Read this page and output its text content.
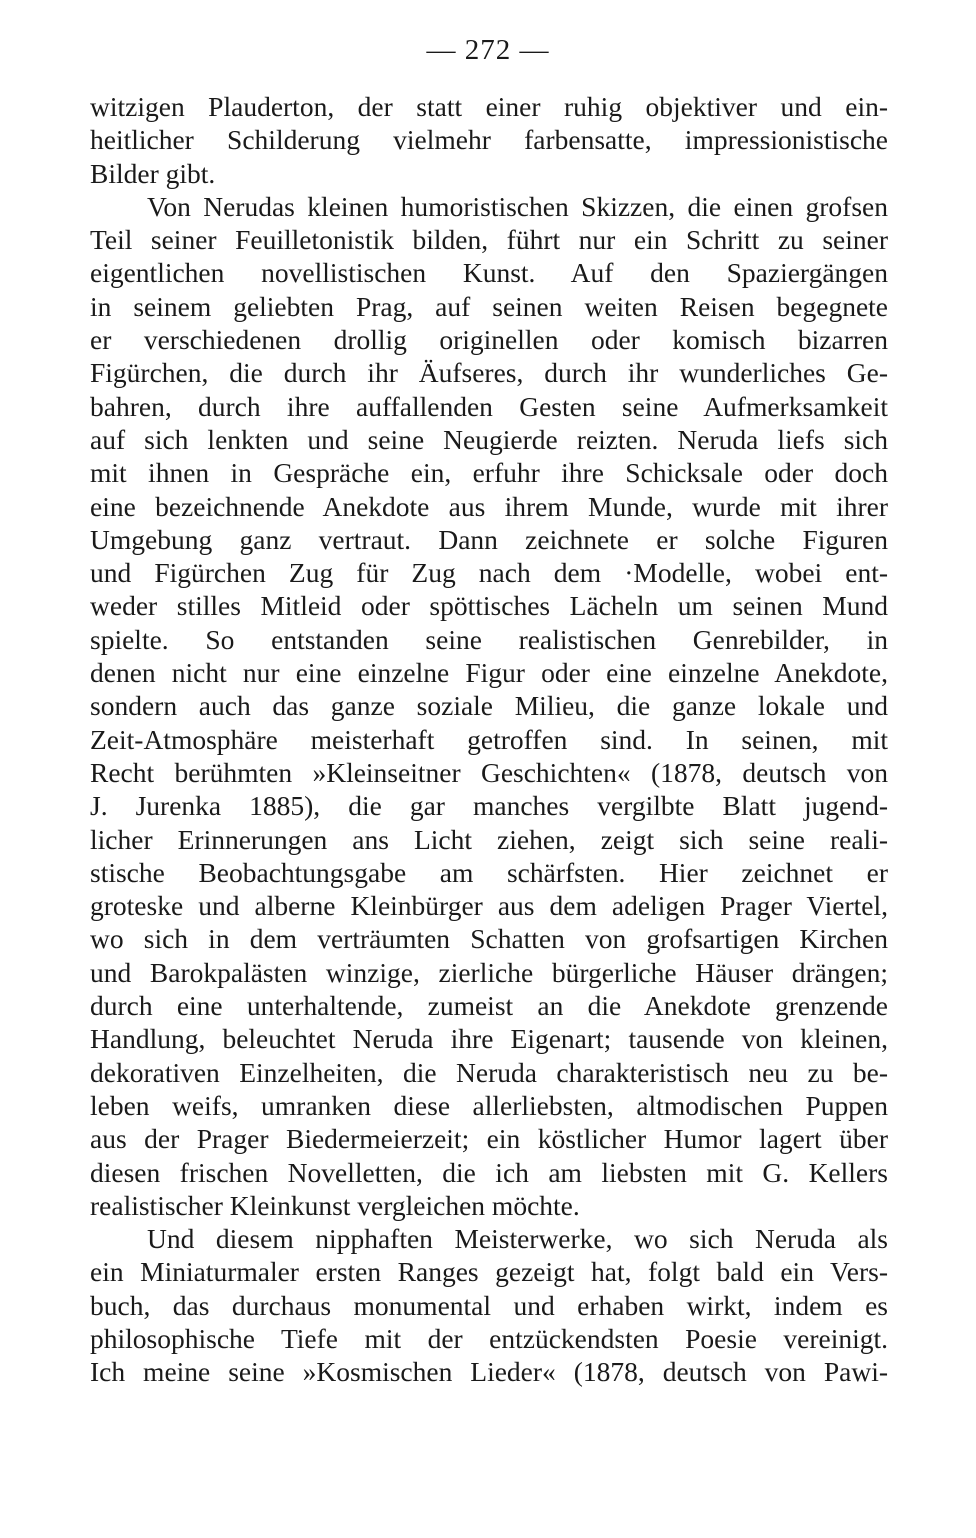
— 272 —
witzigen Plauderton, der statt einer ruhig objektiver und ein-
heitlicher Schilderung vielmehr farbensatte, impressionistische
Bilder gibt.
Von Nerudas kleinen humoristischen Skizzen, die einen grofsen
Teil seiner Feuilletonistik bilden, führt nur ein Schritt zu seiner
eigentlichen novellistischen Kunst. Auf den Spaziergängen
in seinem geliebten Prag, auf seinen weiten Reisen begegnete
er verschiedenen drollig originellen oder komisch bizarren
Figürchen, die durch ihr Äufseres, durch ihr wunderliches Ge-
bahren, durch ihre auffallenden Gesten seine Aufmerksamkeit
auf sich lenkten und seine Neugierde reizten. Neruda liefs sich
mit ihnen in Gespräche ein, erfuhr ihre Schicksale oder doch
eine bezeichnende Anekdote aus ihrem Munde, wurde mit ihrer
Umgebung ganz vertraut. Dann zeichnete er solche Figuren
und Figürchen Zug für Zug nach dem ·Modelle, wobei ent-
weder stilles Mitleid oder spöttisches Lächeln um seinen Mund
spielte. So entstanden seine realistischen Genrebilder, in
denen nicht nur eine einzelne Figur oder eine einzelne Anekdote,
sondern auch das ganze soziale Milieu, die ganze lokale und
Zeit-Atmosphäre meisterhaft getroffen sind. In seinen, mit
Recht berühmten »Kleinseitner Geschichten« (1878, deutsch von
J. Jurenka 1885), die gar manches vergilbte Blatt jugend-
licher Erinnerungen ans Licht ziehen, zeigt sich seine reali-
stische Beobachtungsgabe am schärfsten. Hier zeichnet er
groteske und alberne Kleinbürger aus dem adeligen Prager Viertel,
wo sich in dem verträumten Schatten von grofsartigen Kirchen
und Barokpalästen winzige, zierliche bürgerliche Häuser drängen;
durch eine unterhaltende, zumeist an die Anekdote grenzende
Handlung, beleuchtet Neruda ihre Eigenart; tausende von kleinen,
dekorativen Einzelheiten, die Neruda charakteristisch neu zu be-
leben weifs, umranken diese allerliebsten, altmodischen Puppen
aus der Prager Biedermeierzeit; ein köstlicher Humor lagert über
diesen frischen Novelletten, die ich am liebsten mit G. Kellers
realistischer Kleinkunst vergleichen möchte.
Und diesem nipphaften Meisterwerke, wo sich Neruda als
ein Miniaturmaler ersten Ranges gezeigt hat, folgt bald ein Vers-
buch, das durchaus monumental und erhaben wirkt, indem es
philosophische Tiefe mit der entzückendsten Poesie vereinigt.
Ich meine seine »Kosmischen Lieder« (1878, deutsch von Pawi-
